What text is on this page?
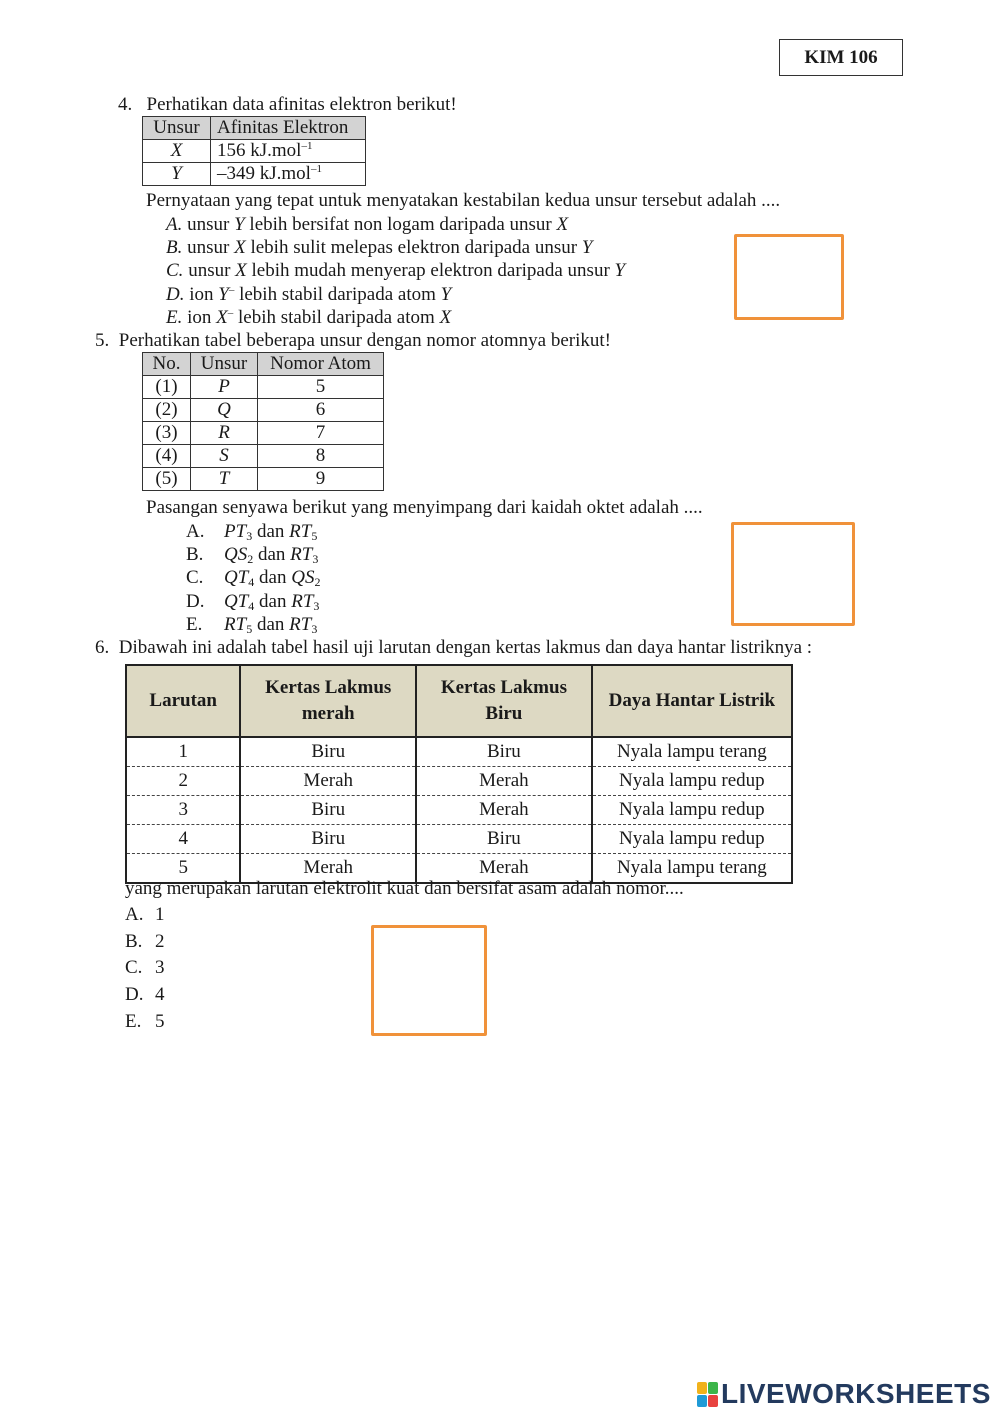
KIM 106
4. Perhatikan data afinitas elektron berikut!
Unsur	Afinitas Elektron
X	156 kJ.mol$^{-1}$
Y	–349 kJ.mol$^{-1}$
Pernyataan yang tepat untuk menyatakan kestabilan kedua unsur tersebut adalah ....
A. unsur Y lebih bersifat non logam daripada unsur X
B. unsur X lebih sulit melepas elektron daripada unsur Y
C. unsur X lebih mudah menyerap elektron daripada unsur Y
D. ion Y– lebih stabil daripada atom Y
E. ion X– lebih stabil daripada atom X
5. Perhatikan tabel beberapa unsur dengan nomor atomnya berikut!
No.	Unsur	Nomor Atom
(1)	P	5
(2)	Q	6
(3)	R	7
(4)	S	8
(5)	T	9
Pasangan senyawa berikut yang menyimpang dari kaidah oktet adalah ....
A. $PT_3$ dan $RT_5$
B. $QS_2$ dan $RT_3$
C. $QT_4$ dan $QS_2$
D. $QT_4$ dan $RT_3$
E. $RT_5$ dan $RT_3$
6. Dibawah ini adalah tabel hasil uji larutan dengan kertas lakmus dan daya hantar listriknya :
Larutan	Kertas Lakmus merah	Kertas Lakmus Biru	Daya Hantar Listrik
1	Biru	Biru	Nyala lampu terang
2	Merah	Merah	Nyala lampu redup
3	Biru	Merah	Nyala lampu redup
4	Biru	Biru	Nyala lampu redup
5	Merah	Merah	Nyala lampu terang
yang merupakan larutan elektrolit kuat dan bersifat asam adalah nomor....
A. 1
B. 2
C. 3
D. 4
E. 5
LIVEWORKSHEETS
